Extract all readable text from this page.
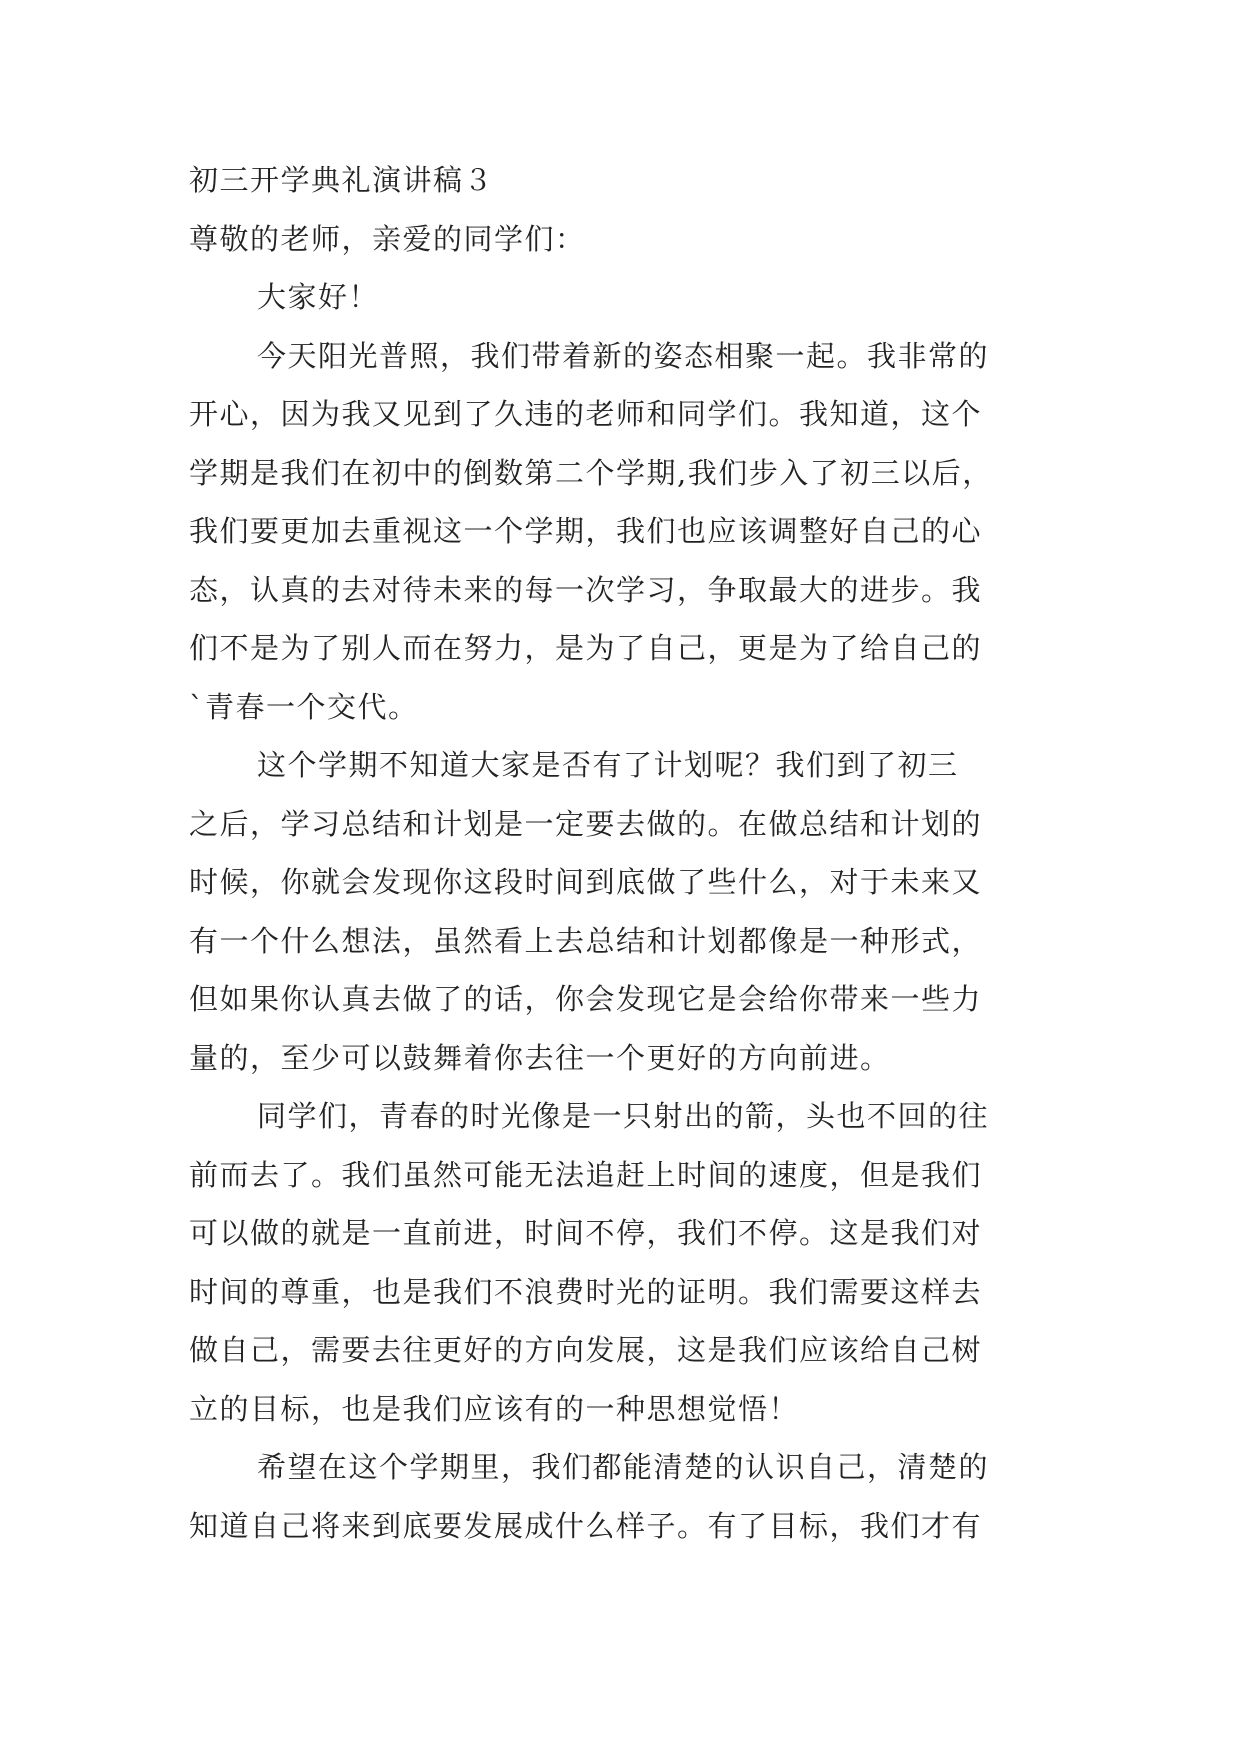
初三开学典礼演讲稿３
尊敬的老师，亲爱的同学们：
大家好！
今天阳光普照，我们带着新的姿态相聚一起。我非常的
开心，因为我又见到了久违的老师和同学们。我知道，这个
学期是我们在初中的倒数第二个学期,我们步入了初三以后，
我们要更加去重视这一个学期，我们也应该调整好自己的心
态，认真的去对待未来的每一次学习，争取最大的进步。我
们不是为了别人而在努力，是为了自己，更是为了给自己的
`青春一个交代。
这个学期不知道大家是否有了计划呢？我们到了初三
之后，学习总结和计划是一定要去做的。在做总结和计划的
时候，你就会发现你这段时间到底做了些什么，对于未来又
有一个什么想法，虽然看上去总结和计划都像是一种形式，
但如果你认真去做了的话，你会发现它是会给你带来一些力
量的，至少可以鼓舞着你去往一个更好的方向前进。
同学们，青春的时光像是一只射出的箭，头也不回的往
前而去了。我们虽然可能无法追赶上时间的速度，但是我们
可以做的就是一直前进，时间不停，我们不停。这是我们对
时间的尊重，也是我们不浪费时光的证明。我们需要这样去
做自己，需要去往更好的方向发展，这是我们应该给自己树
立的目标，也是我们应该有的一种思想觉悟！
希望在这个学期里，我们都能清楚的认识自己，清楚的
知道自己将来到底要发展成什么样子。有了目标，我们才有
